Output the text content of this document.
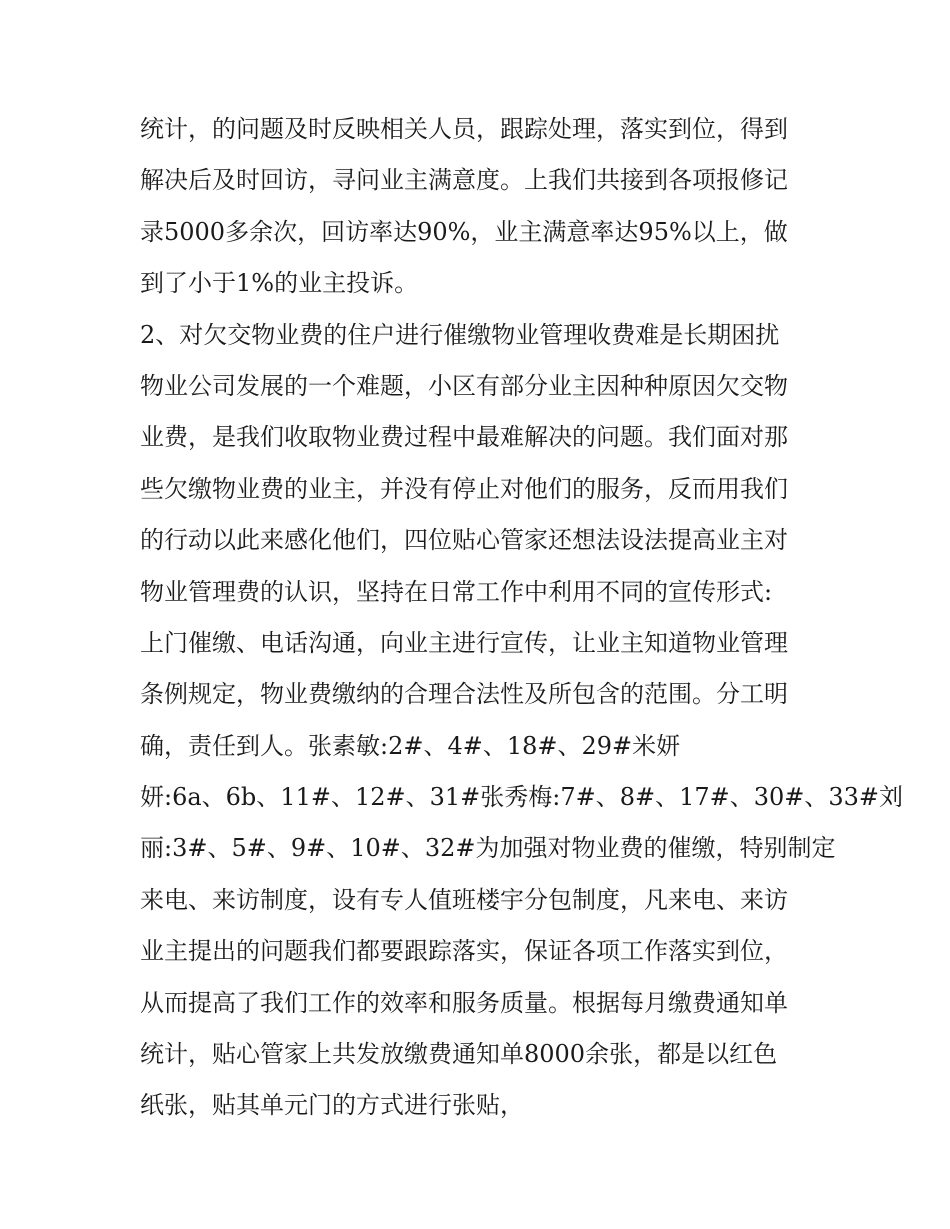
统计，的问题及时反映相关人员，跟踪处理，落实到位，得到
解决后及时回访，寻问业主满意度。上我们共接到各项报修记
录5000多余次，回访率达90%，业主满意率达95%以上，做
到了小于1%的业主投诉。
2、对欠交物业费的住户进行催缴物业管理收费难是长期困扰
物业公司发展的一个难题，小区有部分业主因种种原因欠交物
业费，是我们收取物业费过程中最难解决的问题。我们面对那
些欠缴物业费的业主，并没有停止对他们的服务，反而用我们
的行动以此来感化他们，四位贴心管家还想法设法提高业主对
物业管理费的认识，坚持在日常工作中利用不同的宣传形式:
上门催缴、电话沟通，向业主进行宣传，让业主知道物业管理
条例规定，物业费缴纳的合理合法性及所包含的范围。分工明
确，责任到人。张素敏:2#、4#、18#、29#米妍
妍:6a、6b、11#、12#、31#张秀梅:7#、8#、17#、30#、33#刘
丽:3#、5#、9#、10#、32#为加强对物业费的催缴，特别制定
来电、来访制度，设有专人值班楼宇分包制度，凡来电、来访
业主提出的问题我们都要跟踪落实，保证各项工作落实到位，
从而提高了我们工作的效率和服务质量。根据每月缴费通知单
统计，贴心管家上共发放缴费通知单8000余张，都是以红色
纸张，贴其单元门的方式进行张贴，
